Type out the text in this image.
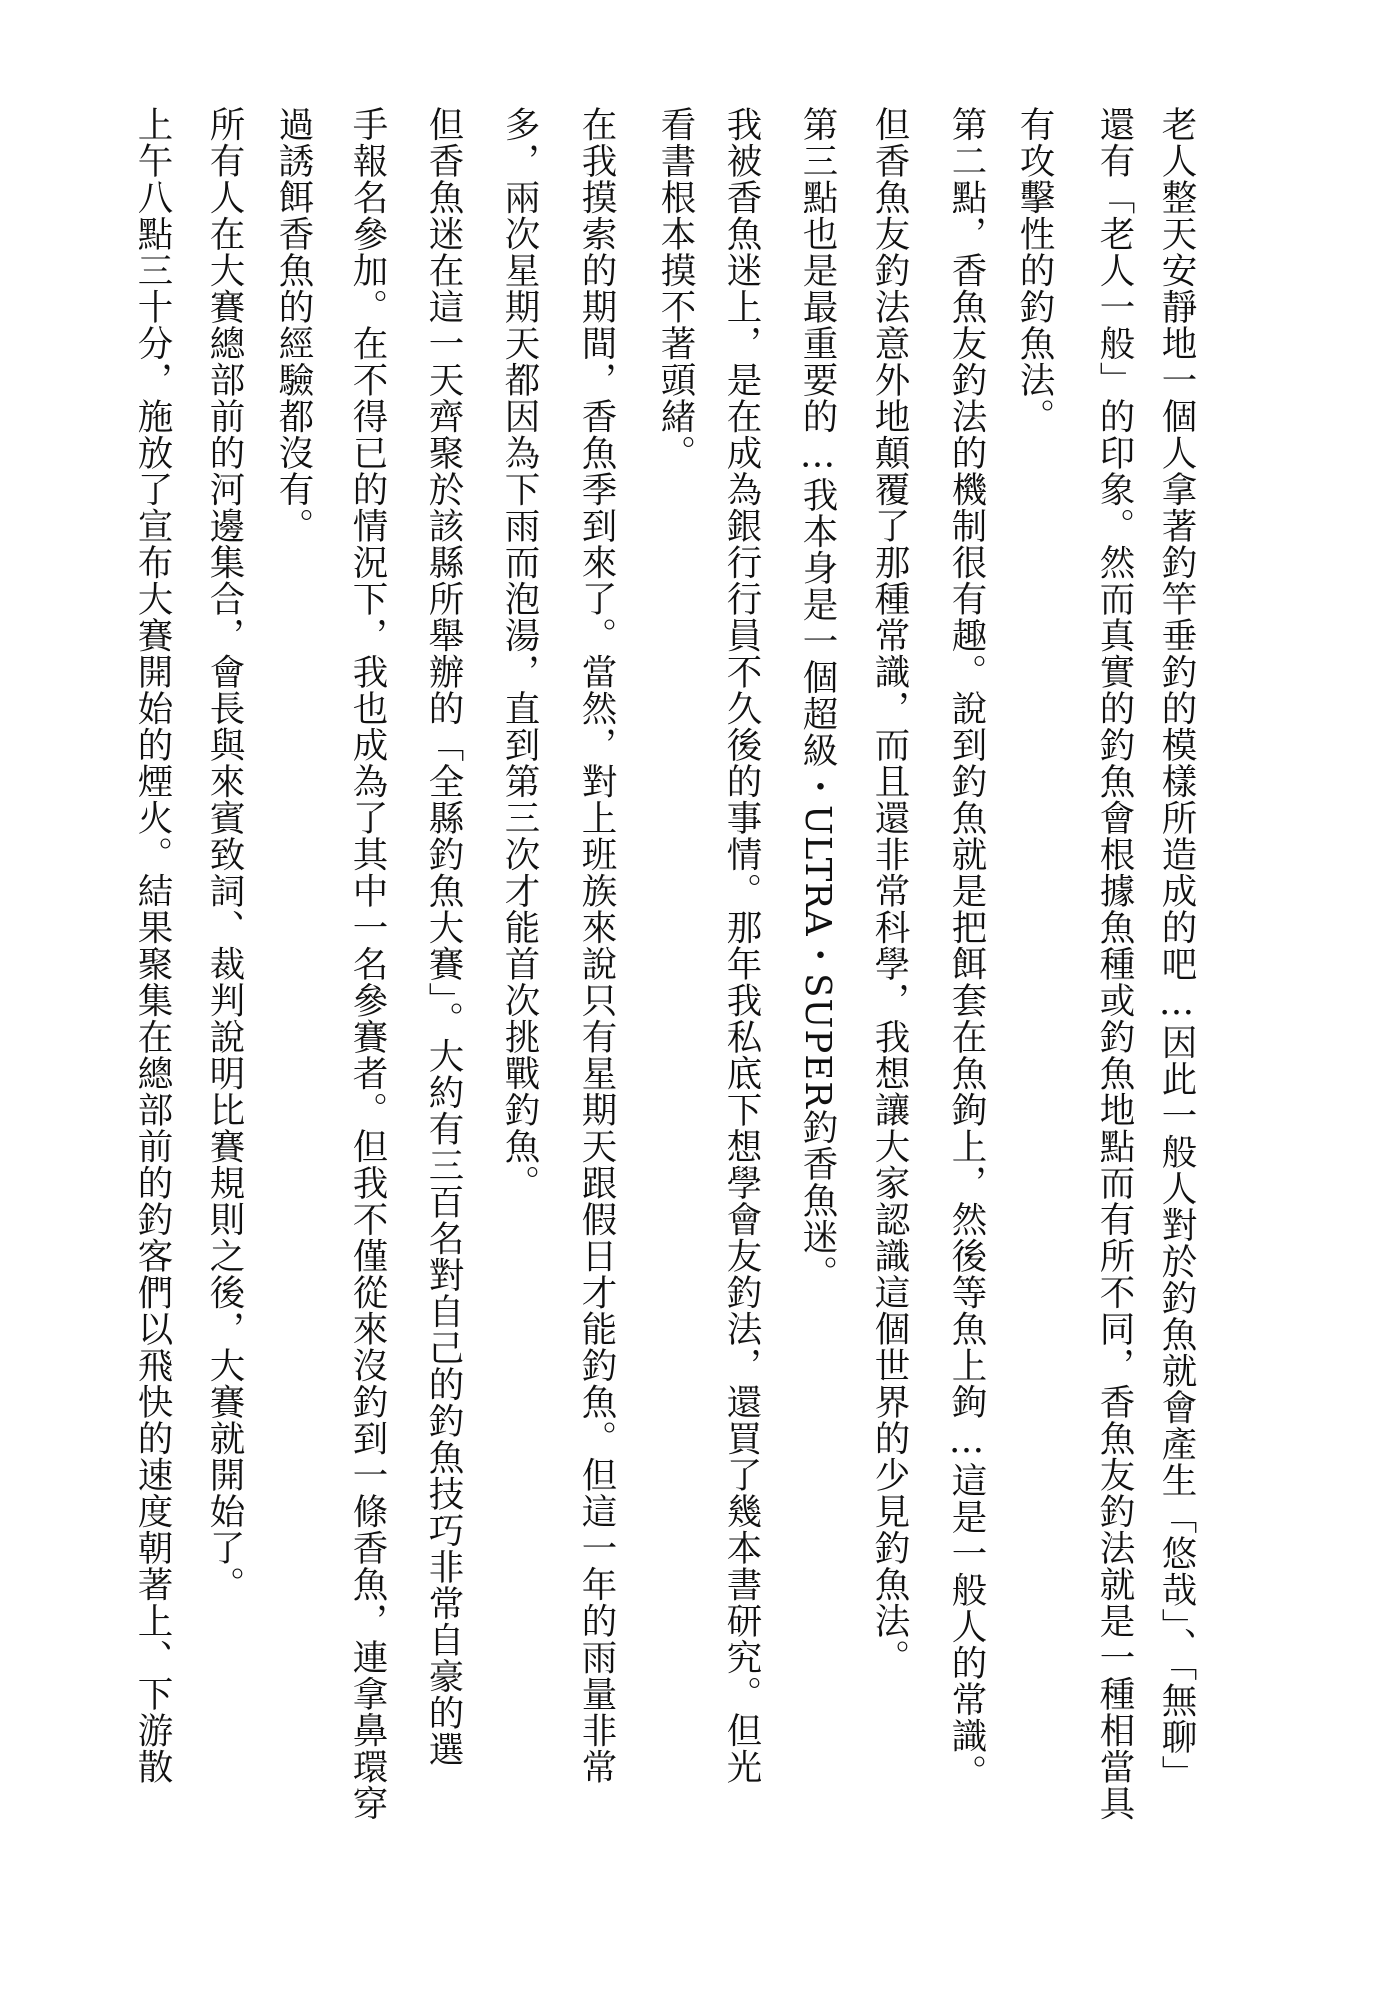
老人整天安靜地一個人拿著釣竿垂釣的模樣所造成的吧…因此一般人對於釣魚就會產生「悠哉」、「無聊」
還有「老人一般」的印象。然而真實的釣魚會根據魚種或釣魚地點而有所不同，香魚友釣法就是一種相當具
有攻擊性的釣魚法。
第二點，香魚友釣法的機制很有趣。說到釣魚就是把餌套在魚鉤上，然後等魚上鉤…這是一般人的常識。
但香魚友釣法意外地顛覆了那種常識，而且還非常科學，我想讓大家認識這個世界的少見釣魚法。
第三點也是最重要的…我本身是一個超級・ULTRA・SUPER釣香魚迷。
我被香魚迷上，是在成為銀行行員不久後的事情。那年我私底下想學會友釣法，還買了幾本書研究。但光
看書根本摸不著頭緒。
在我摸索的期間，香魚季到來了。當然，對上班族來說只有星期天跟假日才能釣魚。但這一年的雨量非常
多，兩次星期天都因為下雨而泡湯，直到第三次才能首次挑戰釣魚。
但香魚迷在這一天齊聚於該縣所舉辦的「全縣釣魚大賽」。大約有三百名對自己的釣魚技巧非常自豪的選
手報名參加。在不得已的情況下，我也成為了其中一名參賽者。但我不僅從來沒釣到一條香魚，連拿鼻環穿
過誘餌香魚的經驗都沒有。
所有人在大賽總部前的河邊集合，會長與來賓致詞、裁判說明比賽規則之後，大賽就開始了。
上午八點三十分，施放了宣布大賽開始的煙火。結果聚集在總部前的釣客們以飛快的速度朝著上、下游散
